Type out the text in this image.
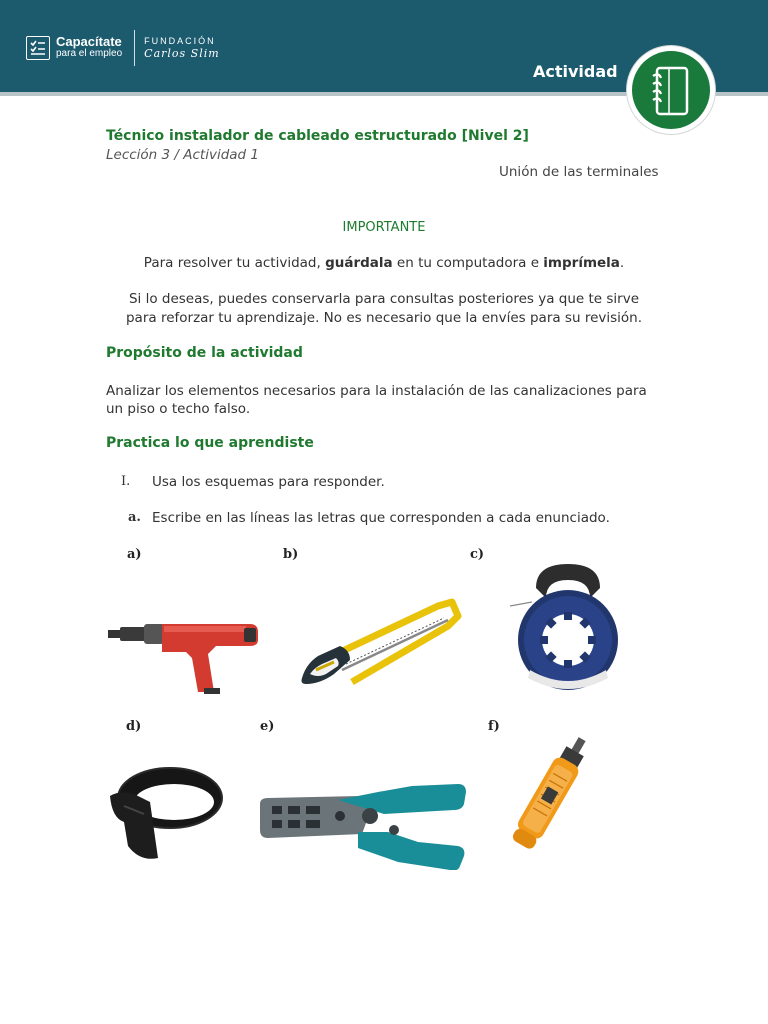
Capacítate
para el empleo
FUNDACIÓN
Carlos Slim
Actividad
Técnico instalador de cableado estructurado [Nivel 2]
Lección 3 / Actividad 1
Unión de las terminales
IMPORTANTE
Para resolver tu actividad, guárdala en tu computadora e imprímela.
Si lo deseas, puedes conservarla para consultas posteriores ya que te sirve
para reforzar tu aprendizaje. No es necesario que la envíes para su revisión.
Propósito de la actividad
Analizar los elementos necesarios para la instalación de las canalizaciones para
un piso o techo falso.
Practica lo que aprendiste
I. Usa los esquemas para responder.
a. Escribe en las líneas las letras que corresponden a cada enunciado.
a)	b)	c)
d)	e)	f)
